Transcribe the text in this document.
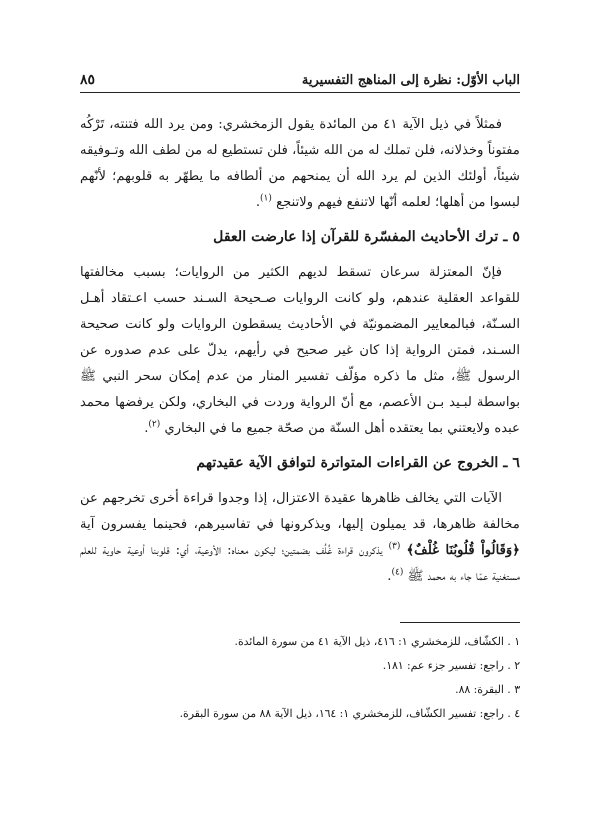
الباب الأوّل: نظرة إلى المناهج التفسيرية
٨٥

فمثلاً في ذيل الآية ٤١ من المائدة يقول الزمخشري: ومن يرد الله فتنته، تَرْكُه مفتوناً وخذلانه، فلن تملك له من الله شيئاً، فلن تستطيع له من لطف الله وتـوفيقه شيئاً، أولئك الذين لم يرد الله أن يمنحهم من ألطافه ما يطهّر به قلوبهم؛ لأنّهم لبسوا من أهلها؛ لعلمه أنّها لاتنفع فيهم ولاتنجع $^{(١)}$.

٥ ـ ترك الأحاديث المفسّرة للقرآن إذا عارضت العقل

فإنّ المعتزلة سرعان تسقط لديهم الكثير من الروايات؛ بسبب مخالفتها للقواعد العقلية عندهم، ولو كانت الروايات صـحيحة السـند حسب اعـتقاد أهـل السـنّة، فبالمعايير المضمونيّة في الأحاديث يسقطون الروايات ولو كانت صحيحة السـند، فمتن الرواية إذا كان غير صحيح في رأيهم، يدلّ على عدم صدوره عن الرسول ﷺ، مثل ما ذكره مؤلّف تفسير المنار من عدم إمكان سحر النبي ﷺ بواسطة لبـيد بـن الأعصم، مع أنّ الرواية وردت في البخاري، ولكن يرفضها محمد عبده ولايعتني بما يعتقده أهل السنّة من صحّة جميع ما في البخاري $^{(٢)}$.

٦ ـ الخروج عن القراءات المتواترة لتوافق الآية عقيدتهم

الآيات التي يخالف ظاهرها عقيدة الاعتزال، إذا وجدوا قراءة أخرى تخرجهم عن مخالفة ظاهرها، قد يميلون إليها، ويذكرونها في تفاسيرهم، فحينما يفسرون آية ﴿وَقَالُواْ قُلُوبُنَا غُلْفٌ﴾ $^{(٣)}$ يذكرون قراءة غُلُف بضمتين؛ ليكون معناه: الأوعية، أي: قلوبنا أوعية حاوية للعلم مستغنية عمّا جاء به محمد ﷺ $^{(٤)}$.

١ . الكشّاف، للزمخشري ١: ٤١٦، ذيل الآية ٤١ من سورة المائدة.

٢ . راجع: تفسير جزء عم: ١٨١.

٣ . البقرة: ٨٨.

٤ . راجع: تفسير الكشّاف، للزمخشري ١: ١٦٤، ذيل الآية ٨٨ من سورة البقرة.
